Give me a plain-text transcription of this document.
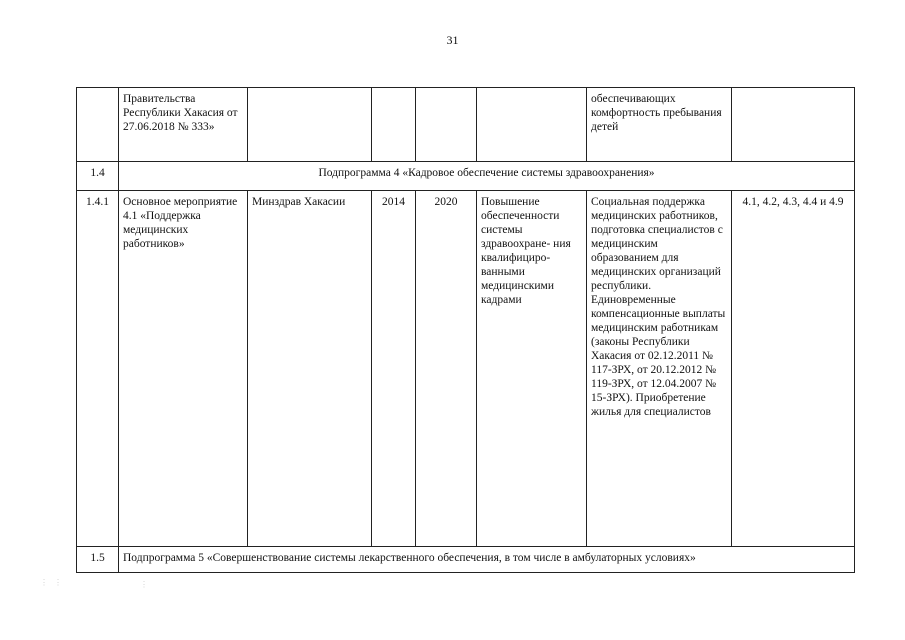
31
	Правительства Республики Хакасия от 27.06.2018 № 333»					обеспечивающих комфортность пребывания детей	
1.4	Подпрограмма 4 «Кадровое обеспечение системы здравоохранения»						
1.4.1	Основное мероприятие 4.1 «Поддержка медицинских работников»	Минздрав Хакасии	2014	2020	Повышение обеспеченности системы здравоохране- ния квалифициро- ванными медицинскими кадрами	Социальная поддержка медицинских работников, подготовка специалистов с медицинским образованием для медицинских организаций республики. Единовременные компенсационные выплаты медицинским работникам (законы Республики Хакасия от 02.12.2011 № 117-ЗРХ, от 20.12.2012 № 119-ЗРХ, от 12.04.2007 № 15-ЗРХ). Приобретение жилья для специалистов	4.1, 4.2, 4.3, 4.4 и 4.9
1.5	Подпрограмма 5 «Совершенствование системы лекарственного обеспечения, в том числе в амбулаторных условиях»						
⋮ ⋮	⋮
